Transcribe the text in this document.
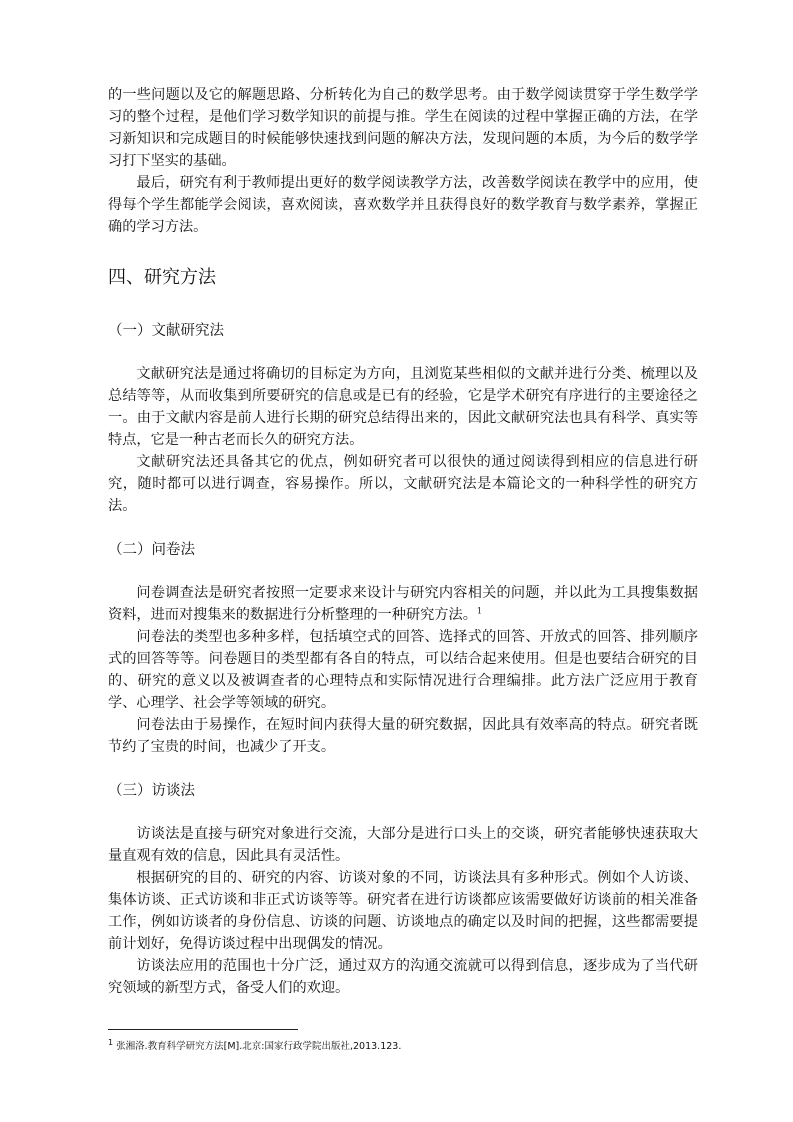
的一些问题以及它的解题思路、分析转化为自己的数学思考。由于数学阅读贯穿于学生数学学习的整个过程，是他们学习数学知识的前提与推。学生在阅读的过程中掌握正确的方法，在学习新知识和完成题目的时候能够快速找到问题的解决方法，发现问题的本质，为今后的数学学习打下坚实的基础。

最后，研究有利于教师提出更好的数学阅读教学方法，改善数学阅读在教学中的应用，使得每个学生都能学会阅读，喜欢阅读，喜欢数学并且获得良好的数学教育与数学素养，掌握正确的学习方法。

四、研究方法
（一）文献研究法

文献研究法是通过将确切的目标定为方向，且浏览某些相似的文献并进行分类、梳理以及总结等等，从而收集到所要研究的信息或是已有的经验，它是学术研究有序进行的主要途径之一。由于文献内容是前人进行长期的研究总结得出来的，因此文献研究法也具有科学、真实等特点，它是一种古老而长久的研究方法。

文献研究法还具备其它的优点，例如研究者可以很快的通过阅读得到相应的信息进行研究，随时都可以进行调查，容易操作。所以，文献研究法是本篇论文的一种科学性的研究方法。

（二）问卷法

问卷调查法是研究者按照一定要求来设计与研究内容相关的问题，并以此为工具搜集数据资料，进而对搜集来的数据进行分析整理的一种研究方法。$^1$

问卷法的类型也多种多样，包括填空式的回答、选择式的回答、开放式的回答、排列顺序式的回答等等。问卷题目的类型都有各自的特点，可以结合起来使用。但是也要结合研究的目的、研究的意义以及被调查者的心理特点和实际情况进行合理编排。此方法广泛应用于教育学、心理学、社会学等领域的研究。

问卷法由于易操作，在短时间内获得大量的研究数据，因此具有效率高的特点。研究者既节约了宝贵的时间，也减少了开支。

（三）访谈法

访谈法是直接与研究对象进行交流，大部分是进行口头上的交谈，研究者能够快速获取大量直观有效的信息，因此具有灵活性。

根据研究的目的、研究的内容、访谈对象的不同，访谈法具有多种形式。例如个人访谈、集体访谈、正式访谈和非正式访谈等等。研究者在进行访谈都应该需要做好访谈前的相关准备工作，例如访谈者的身份信息、访谈的问题、访谈地点的确定以及时间的把握，这些都需要提前计划好，免得访谈过程中出现偶发的情况。

访谈法应用的范围也十分广泛，通过双方的沟通交流就可以得到信息，逐步成为了当代研究领域的新型方式，备受人们的欢迎。

$^1$ 张湘洛.教育科学研究方法[M].北京:国家行政学院出版社,2013.123.
